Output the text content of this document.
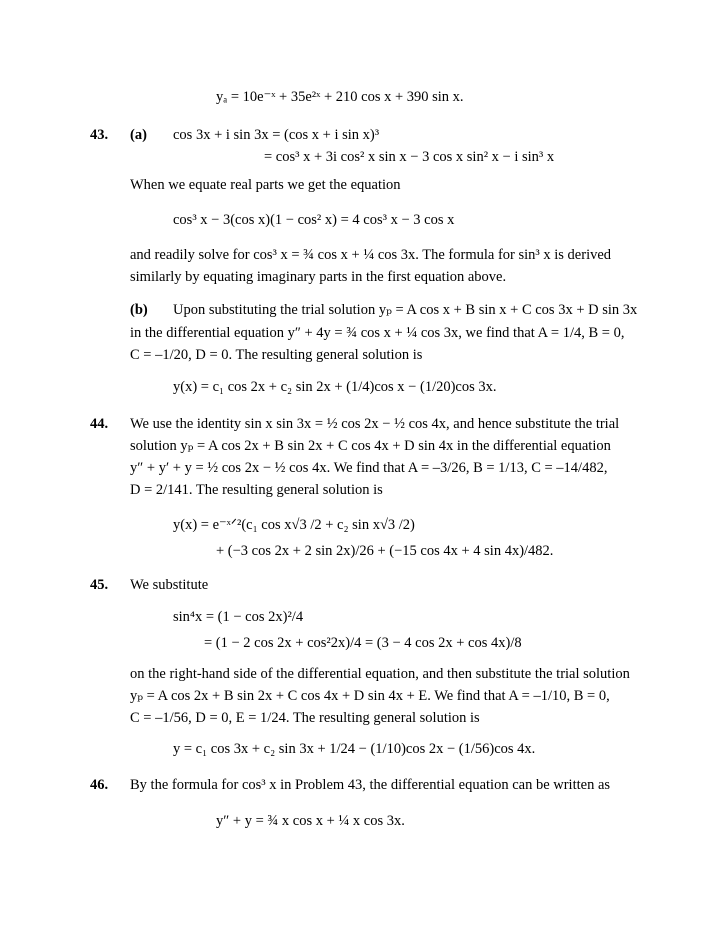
yₐ = 10e⁻ˣ + 35e²ˣ + 210 cos x + 390 sin x.
43. (a) cos 3x + i sin 3x = (cos x + i sin x)³
= cos³ x + 3i cos² x sin x − 3 cos x sin² x − i sin³ x
When we equate real parts we get the equation
cos³ x − 3(cos x)(1 − cos² x) = 4 cos³ x − 3 cos x
and readily solve for cos³ x = ¾ cos x + ¼ cos 3x. The formula for sin³ x is derived
similarly by equating imaginary parts in the first equation above.
(b) Upon substituting the trial solution yₚ = A cos x + B sin x + C cos 3x + D sin 3x
in the differential equation y″ + 4y = ¾ cos x + ¼ cos 3x, we find that A = 1/4, B = 0,
C = –1/20, D = 0. The resulting general solution is
y(x) = c₁ cos 2x + c₂ sin 2x + (1/4)cos x − (1/20)cos 3x.
44. We use the identity sin x sin 3x = ½ cos 2x − ½ cos 4x, and hence substitute the trial
solution yₚ = A cos 2x + B sin 2x + C cos 4x + D sin 4x in the differential equation
y″ + y′ + y = ½ cos 2x − ½ cos 4x. We find that A = –3/26, B = 1/13, C = –14/482,
D = 2/141. The resulting general solution is
y(x) = e⁻ˣᐟ²(c₁ cos x√3 /2 + c₂ sin x√3 /2)
+ (−3 cos 2x + 2 sin 2x)/26 + (−15 cos 4x + 4 sin 4x)/482.
45. We substitute
sin⁴x = (1 − cos 2x)²/4
= (1 − 2 cos 2x + cos²2x)/4 = (3 − 4 cos 2x + cos 4x)/8
on the right-hand side of the differential equation, and then substitute the trial solution
yₚ = A cos 2x + B sin 2x + C cos 4x + D sin 4x + E. We find that A = –1/10, B = 0,
C = –1/56, D = 0, E = 1/24. The resulting general solution is
y = c₁ cos 3x + c₂ sin 3x + 1/24 − (1/10)cos 2x − (1/56)cos 4x.
46. By the formula for cos³ x in Problem 43, the differential equation can be written as
y″ + y = ¾ x cos x + ¼ x cos 3x.
